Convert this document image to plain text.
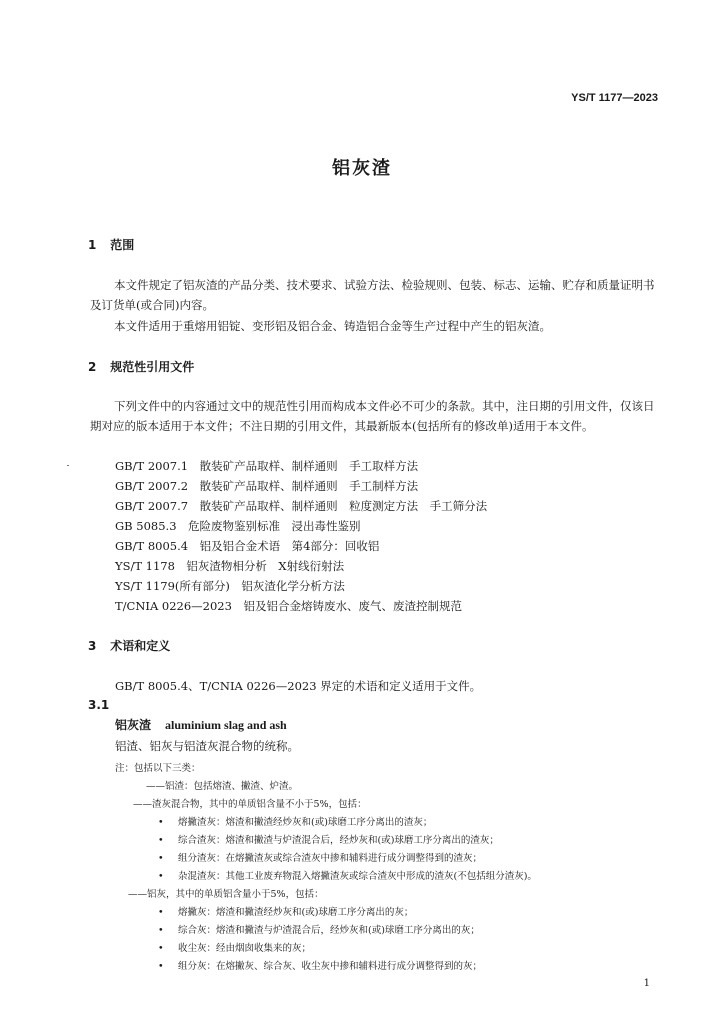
YS/T 1177—2023
铝灰渣
1 范围
本文件规定了铝灰渣的产品分类、技术要求、试验方法、检验规则、包装、标志、运输、贮存和质量证明书及订货单(或合同)内容。
本文件适用于重熔用铝锭、变形铝及铝合金、铸造铝合金等生产过程中产生的铝灰渣。
2 规范性引用文件
下列文件中的内容通过文中的规范性引用而构成本文件必不可少的条款。其中，注日期的引用文件，仅该日期对应的版本适用于本文件；不注日期的引用文件，其最新版本(包括所有的修改单)适用于本文件。
GB/T 2007.1　散装矿产品取样、制样通则　手工取样方法
GB/T 2007.2　散装矿产品取样、制样通则　手工制样方法
GB/T 2007.7　散装矿产品取样、制样通则　粒度测定方法　手工筛分法
GB 5085.3　危险废物鉴别标准　浸出毒性鉴别
GB/T 8005.4　铝及铝合金术语　第4部分：回收铝
YS/T 1178　铝灰渣物相分析　X射线衍射法
YS/T 1179(所有部分)　铝灰渣化学分析方法
T/CNIA 0226—2023　铝及铝合金熔铸废水、废气、废渣控制规范
3 术语和定义
GB/T 8005.4、T/CNIA 0226—2023 界定的术语和定义适用于文件。
3.1
铝灰渣 aluminium slag and ash
铝渣、铝灰与铝渣灰混合物的统称。
注：包括以下三类：
——铝渣：包括熔渣、撇渣、炉渣。
——渣灰混合物，其中的单质铝含量不小于5%，包括：
• 熔撇渣灰：熔渣和撇渣经炒灰和(或)球磨工序分离出的渣灰；
• 综合渣灰：熔渣和撇渣与炉渣混合后，经炒灰和(或)球磨工序分离出的渣灰；
• 组分渣灰：在熔撇渣灰或综合渣灰中掺和辅料进行成分调整得到的渣灰；
• 杂混渣灰：其他工业废弃物混入熔撇渣灰或综合渣灰中形成的渣灰(不包括组分渣灰)。
——铝灰，其中的单质铝含量小于5%，包括：
• 熔撇灰：熔渣和撇渣经炒灰和(或)球磨工序分离出的灰；
• 综合灰：熔渣和撇渣与炉渣混合后，经炒灰和(或)球磨工序分离出的灰；
• 收尘灰：经由烟囱收集来的灰；
• 组分灰：在熔撇灰、综合灰、收尘灰中掺和辅料进行成分调整得到的灰；
1
